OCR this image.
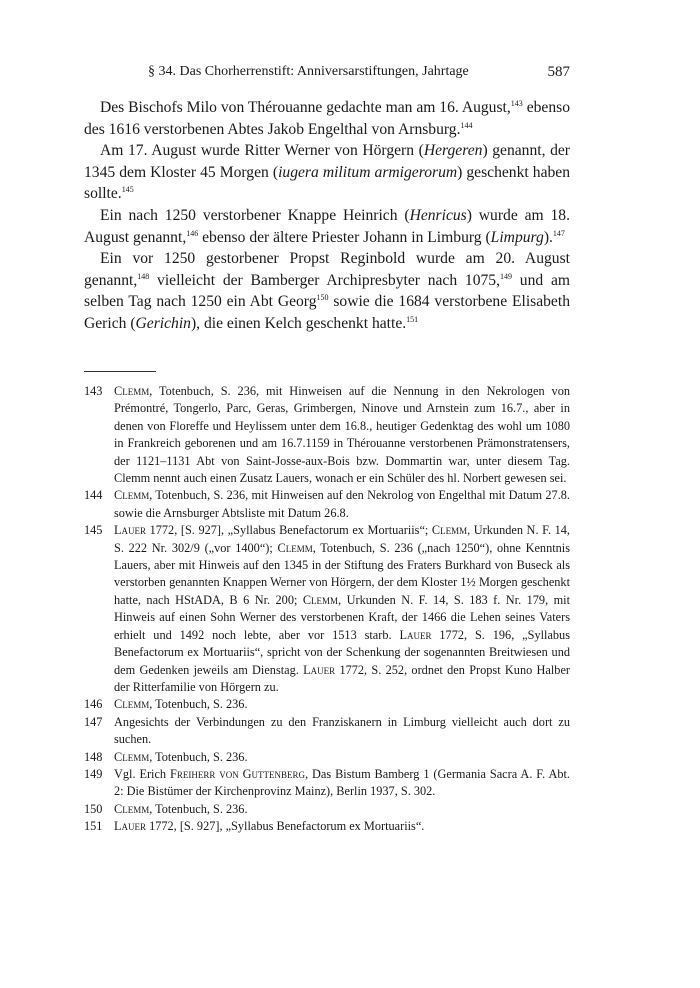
§ 34. Das Chorherrenstift: Anniversarstiftungen, Jahrtage	587

Des Bischofs Milo von Thérouanne gedachte man am 16. August,$^{143}$ ebenso des 1616 verstorbenen Abtes Jakob Engelthal von Arnsburg.$^{144}$

Am 17. August wurde Ritter Werner von Hörgern (Hergeren) genannt, der 1345 dem Kloster 45 Morgen (iugera militum armigerorum) geschenkt haben sollte.$^{145}$

Ein nach 1250 verstorbener Knappe Heinrich (Henricus) wurde am 18. August genannt,$^{146}$ ebenso der ältere Priester Johann in Limburg (Limpurg).$^{147}$

Ein vor 1250 gestorbener Propst Reginbold wurde am 20. August genannt,$^{148}$ vielleicht der Bamberger Archipresbyter nach 1075,$^{149}$ und am selben Tag nach 1250 ein Abt Georg$^{150}$ sowie die 1684 verstorbene Elisabeth Gerich (Gerichin), die einen Kelch geschenkt hatte.$^{151}$

143 Clemm, Totenbuch, S. 236, mit Hinweisen auf die Nennung in den Nekrologen von Prémontré, Tongerlo, Parc, Geras, Grimbergen, Ninove und Arnstein zum 16.7., aber in denen von Floreffe und Heylissem unter dem 16.8., heutiger Gedenktag des wohl um 1080 in Frankreich geborenen und am 16.7.1159 in Thérouanne verstorbenen Prämonstratensers, der 1121–1131 Abt von Saint-Josse-aux-Bois bzw. Dommartin war, unter diesem Tag. Clemm nennt auch einen Zusatz Lauers, wonach er ein Schüler des hl. Norbert gewesen sei.
144 Clemm, Totenbuch, S. 236, mit Hinweisen auf den Nekrolog von Engelthal mit Datum 27.8. sowie die Arnsburger Abtsliste mit Datum 26.8.
145 Lauer 1772, [S. 927], „Syllabus Benefactorum ex Mortuariis“; Clemm, Urkunden N. F. 14, S. 222 Nr. 302/9 („vor 1400“); Clemm, Totenbuch, S. 236 („nach 1250“), ohne Kenntnis Lauers, aber mit Hinweis auf den 1345 in der Stiftung des Fraters Burkhard von Buseck als verstorben genannten Knappen Werner von Hörgern, der dem Kloster 1½ Morgen geschenkt hatte, nach HStADA, B 6 Nr. 200; Clemm, Urkunden N. F. 14, S. 183 f. Nr. 179, mit Hinweis auf einen Sohn Werner des verstorbenen Kraft, der 1466 die Lehen seines Vaters erhielt und 1492 noch lebte, aber vor 1513 starb. Lauer 1772, S. 196, „Syllabus Benefactorum ex Mortuariis“, spricht von der Schenkung der sogenannten Breitwiesen und dem Gedenken jeweils am Dienstag. Lauer 1772, S. 252, ordnet den Propst Kuno Halber der Ritterfamilie von Hörgern zu.
146 Clemm, Totenbuch, S. 236.
147 Angesichts der Verbindungen zu den Franziskanern in Limburg vielleicht auch dort zu suchen.
148 Clemm, Totenbuch, S. 236.
149 Vgl. Erich Freiherr von Guttenberg, Das Bistum Bamberg 1 (Germania Sacra A. F. Abt. 2: Die Bistümer der Kirchenprovinz Mainz), Berlin 1937, S. 302.
150 Clemm, Totenbuch, S. 236.
151 Lauer 1772, [S. 927], „Syllabus Benefactorum ex Mortuariis“.
